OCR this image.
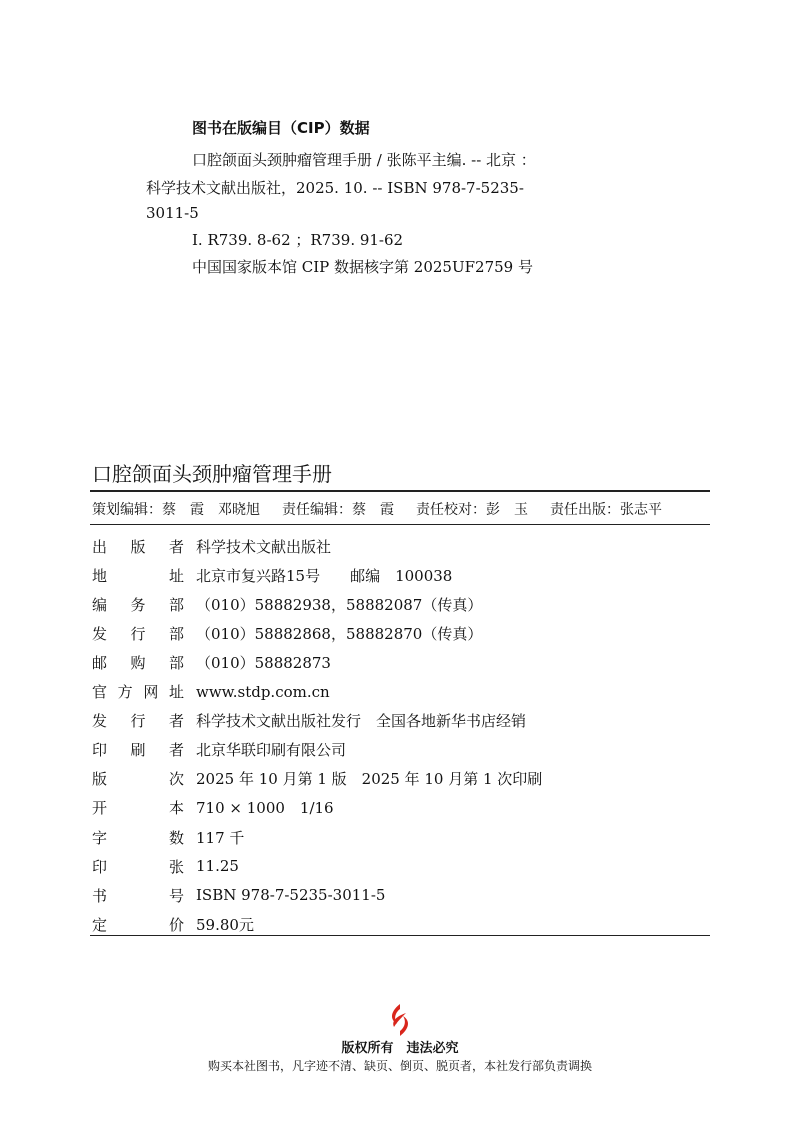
图书在版编目（CIP）数据
口腔颌面头颈肿瘤管理手册 / 张陈平主编. -- 北京 ：
科学技术文献出版社，2025. 10. -- ISBN 978-7-5235-
3011-5
Ⅰ. R739. 8-62 ；R739. 91-62
中国国家版本馆 CIP 数据核字第 2025UF2759 号
口腔颌面头颈肿瘤管理手册
策划编辑：蔡　霞　邓晓旭 责任编辑：蔡　霞 责任校对：彭　玉 责任出版：张志平
出 版 者 科学技术文献出版社
地	址 北京市复兴路15号　　邮编　100038
编 务 部 （010）58882938，58882087（传真）
发 行 部 （010）58882868，58882870（传真）
邮 购 部 （010）58882873
官 方 网 址 www.stdp.com.cn
发 行 者 科学技术文献出版社发行　全国各地新华书店经销
印 刷 者 北京华联印刷有限公司
版	次 2025 年 10 月第 1 版　2025 年 10 月第 1 次印刷
开	本 710 × 1000　1/16
字	数 117 千
印	张 11.25
书	号 ISBN 978-7-5235-3011-5
定	价 59.80元
版权所有　违法必究
购买本社图书，凡字迹不清、缺页、倒页、脱页者，本社发行部负责调换
